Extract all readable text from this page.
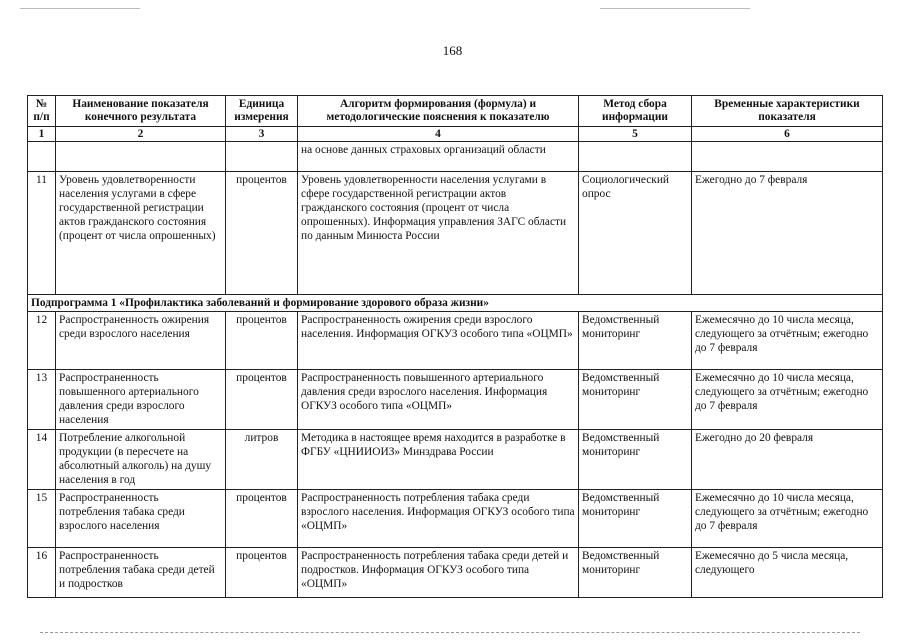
168
№ п/п	Наименование показателя конечного результата	Единица измерения	Алгоритм формирования (формула) и методологические пояснения к показателю	Метод сбора информации	Временные характеристики показателя
1	2	3	4	5	6
			на основе данных страховых организаций области		
11	Уровень удовлетворенности населения услугами в сфере государственной регистрации актов гражданского состояния (процент от числа опрошенных)	процентов	Уровень удовлетворенности населения услугами в сфере государственной регистрации актов гражданского состояния (процент от числа опрошенных). Информация управления ЗАГС области по данным Минюста России	Социологический опрос	Ежегодно до 7 февраля
Подпрограмма 1 «Профилактика заболеваний и формирование здорового образа жизни»					
12	Распространенность ожирения среди взрослого населения	процентов	Распространенность ожирения среди взрослого населения. Информация ОГКУЗ особого типа «ОЦМП»	Ведомственный мониторинг	Ежемесячно до 10 числа месяца, следующего за отчётным; ежегодно до 7 февраля
13	Распространенность повышенного артериального давления среди взрослого населения	процентов	Распространенность повышенного артериального давления среди взрослого населения. Информация ОГКУЗ особого типа «ОЦМП»	Ведомственный мониторинг	Ежемесячно до 10 числа месяца, следующего за отчётным; ежегодно до 7 февраля
14	Потребление алкогольной продукции (в пересчете на абсолютный алкоголь) на душу населения в год	литров	Методика в настоящее время находится в разработке в ФГБУ «ЦНИИОИЗ» Минздрава России	Ведомственный мониторинг	Ежегодно до 20 февраля
15	Распространенность потребления табака среди взрослого населения	процентов	Распространенность потребления табака среди взрослого населения. Информация ОГКУЗ особого типа «ОЦМП»	Ведомственный мониторинг	Ежемесячно до 10 числа месяца, следующего за отчётным; ежегодно до 7 февраля
16	Распространенность потребления табака среди детей и подростков	процентов	Распространенность потребления табака среди детей и подростков. Информация ОГКУЗ особого типа «ОЦМП»	Ведомственный мониторинг	Ежемесячно до 5 числа месяца, следующего
